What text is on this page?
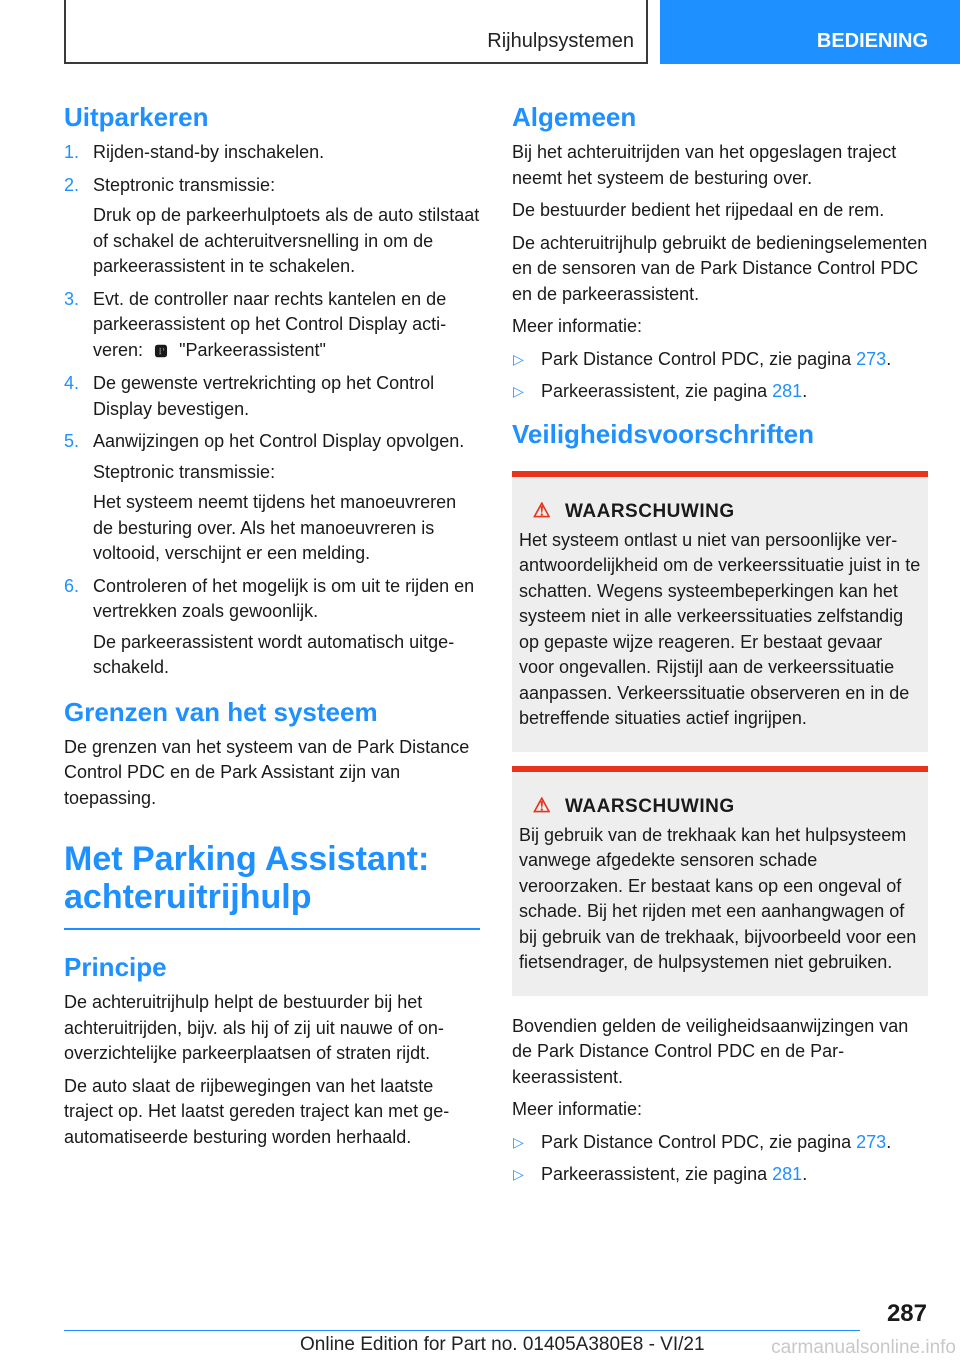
Rijhulpsystemen	BEDIENING
Uitparkeren
1. Rijden-stand-by inschakelen.
2. Steptronic transmissie:

Druk op de parkeerhulptoets als de auto stilstaat of schakel de achteruitversnelling in om de parkeerassistent in te schakelen.

3. Evt. de controller naar rechts kantelen en de parkeerassistent op het Control Display activeren: 🅿 "Parkeerassistent"
4. De gewenste vertrekrichting op het Control Display bevestigen.
5. Aanwijzingen op het Control Display opvolgen.

Steptronic transmissie:

Het systeem neemt tijdens het manoeuvreren de besturing over. Als het manoeuvreren is voltooid, verschijnt er een melding.

6. Controleren of het mogelijk is om uit te rijden en vertrekken zoals gewoonlijk.

De parkeerassistent wordt automatisch uitgeschakeld.

Grenzen van het systeem

De grenzen van het systeem van de Park Distance Control PDC en de Park Assistant zijn van toepassing.

Met Parking Assistant: achteruitrijhulp
Principe

De achteruitrijhulp helpt de bestuurder bij het achteruitrijden, bijv. als hij of zij uit nauwe of onoverzichtelijke parkeerplaatsen of straten rijdt.

De auto slaat de rijbewegingen van het laatste traject op. Het laatst gereden traject kan met geautomatiseerde besturing worden herhaald.

Algemeen

Bij het achteruitrijden van het opgeslagen traject neemt het systeem de besturing over.

De bestuurder bedient het rijpedaal en de rem.

De achteruitrijhulp gebruikt de bedieningselementen en de sensoren van de Park Distance Control PDC en de parkeerassistent.

Meer informatie:

▷ Park Distance Control PDC, zie pagina 273.
▷ Parkeerassistent, zie pagina 281.
Veiligheidsvoorschriften
⚠ WAARSCHUWING

Het systeem ontlast u niet van persoonlijke verantwoordelijkheid om de verkeerssituatie juist in te schatten. Wegens systeembeperkingen kan het systeem niet in alle verkeerssituaties zelfstandig op gepaste wijze reageren. Er bestaat gevaar voor ongevallen. Rijstijl aan de verkeerssituatie aanpassen. Verkeerssituatie observeren en in de betreffende situaties actief ingrijpen.

⚠ WAARSCHUWING

Bij gebruik van de trekhaak kan het hulpsysteem vanwege afgedekte sensoren schade veroorzaken. Er bestaat kans op een ongeval of schade. Bij het rijden met een aanhangwagen of bij gebruik van de trekhaak, bijvoorbeeld voor een fietsendrager, de hulpsystemen niet gebruiken.

Bovendien gelden de veiligheidsaanwijzingen van de Park Distance Control PDC en de Parkeerassistent.

Meer informatie:

▷ Park Distance Control PDC, zie pagina 273.
▷ Parkeerassistent, zie pagina 281.
287
Online Edition for Part no. 01405A380E8 - VI/21	carmanualsonline.info
